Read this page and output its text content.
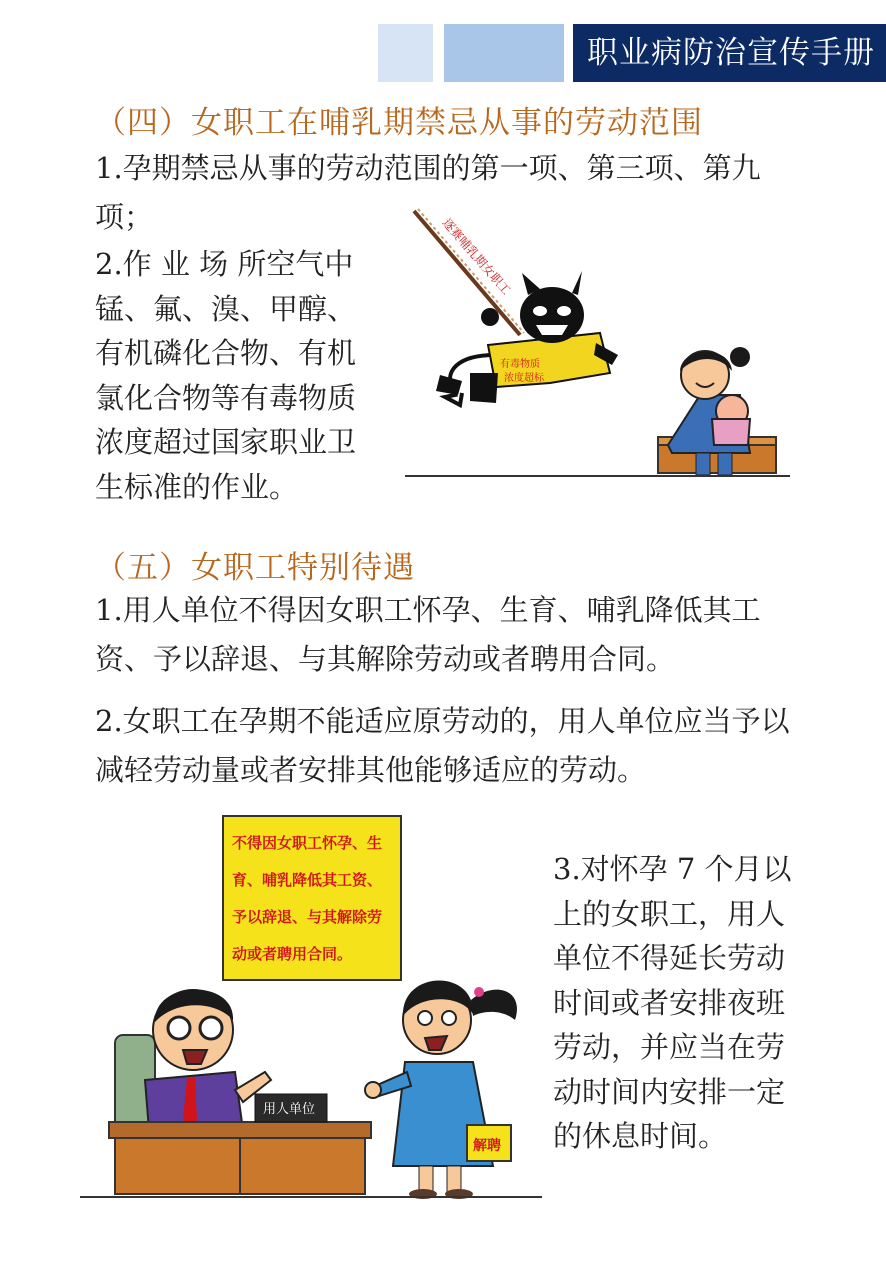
职业病防治宣传手册
（四）女职工在哺乳期禁忌从事的劳动范围
1.孕期禁忌从事的劳动范围的第一项、第三项、第九
项；
2.作 业 场 所空气中
锰、氟、溴、甲醇、
有机磷化合物、有机
氯化合物等有毒物质
浓度超过国家职业卫
生标准的作业。
逐赛哺乳期女职工
有毒物质
浓度超标
（五）女职工特别待遇
1.用人单位不得因女职工怀孕、生育、哺乳降低其工
资、予以辞退、与其解除劳动或者聘用合同。
2.女职工在孕期不能适应原劳动的，用人单位应当予以
减轻劳动量或者安排其他能够适应的劳动。
3.对怀孕 7 个月以
上的女职工，用人
单位不得延长劳动
时间或者安排夜班
劳动，并应当在劳
动时间内安排一定
的休息时间。
不得因女职工怀孕、生
育、哺乳降低其工资、
予以辞退、与其解除劳
动或者聘用合同。
用人单位
解聘
